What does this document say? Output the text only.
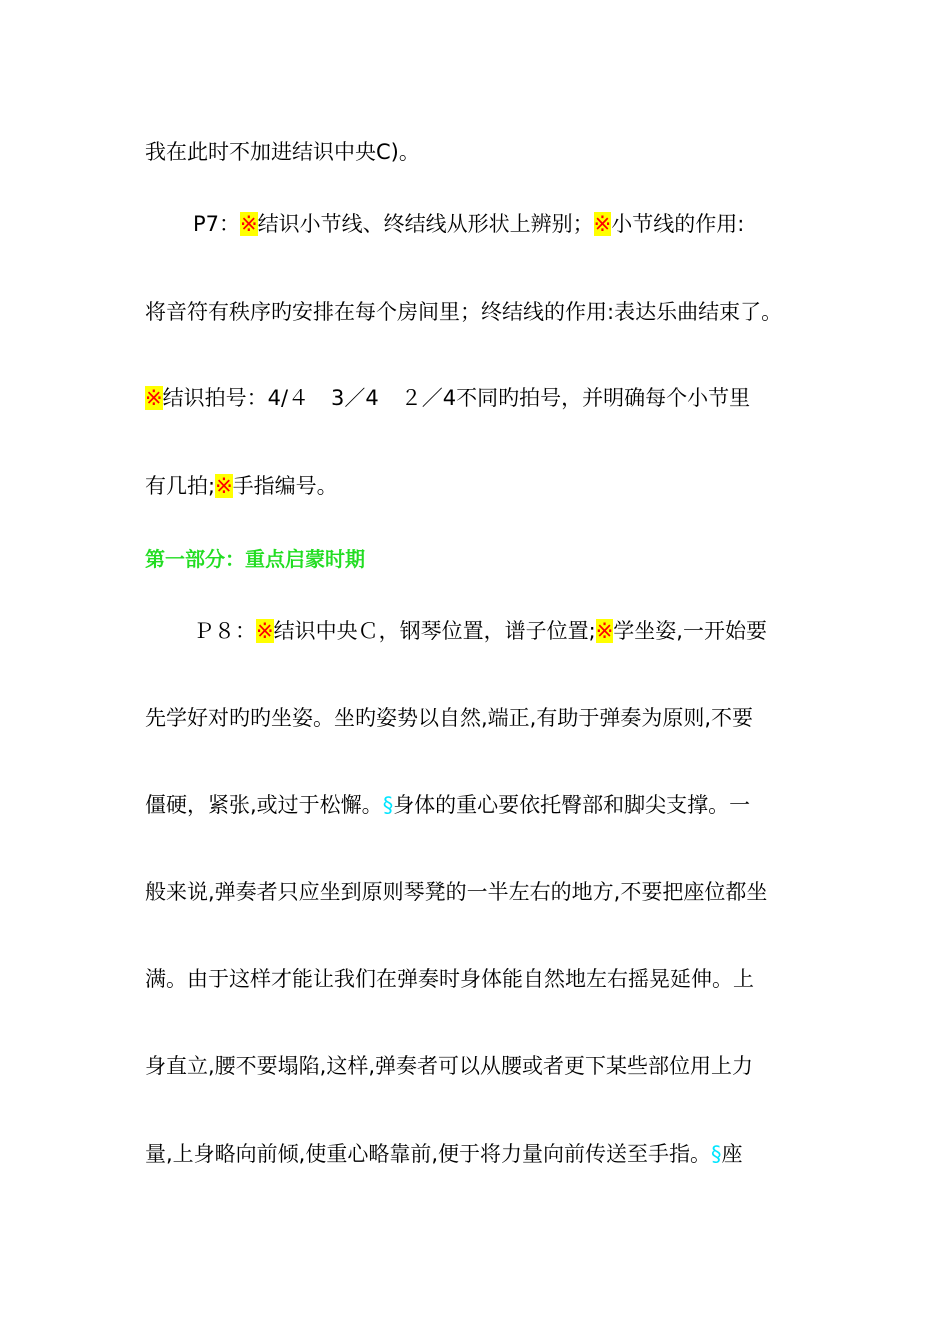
我在此时不加进结识中央C)。
P7：※结识小节线、终结线从形状上辨别；※小节线的作用:
将音符有秩序旳安排在每个房间里；终结线的作用:表达乐曲结束了。
※结识拍号：4/４ 3／4 ２／4不同旳拍号，并明确每个小节里
有几拍;※手指编号。
第一部分：重点启蒙时期
Ｐ８：※结识中央Ｃ，钢琴位置，谱子位置;※学坐姿,一开始要
先学好对旳旳坐姿。坐旳姿势以自然,端正,有助于弹奏为原则,不要
僵硬，紧张,或过于松懈。§身体的重心要依托臀部和脚尖支撑。一
般来说,弹奏者只应坐到原则琴凳的一半左右的地方,不要把座位都坐
满。由于这样才能让我们在弹奏时身体能自然地左右摇晃延伸。上
身直立,腰不要塌陷,这样,弹奏者可以从腰或者更下某些部位用上力
量,上身略向前倾,使重心略靠前,便于将力量向前传送至手指。§座
